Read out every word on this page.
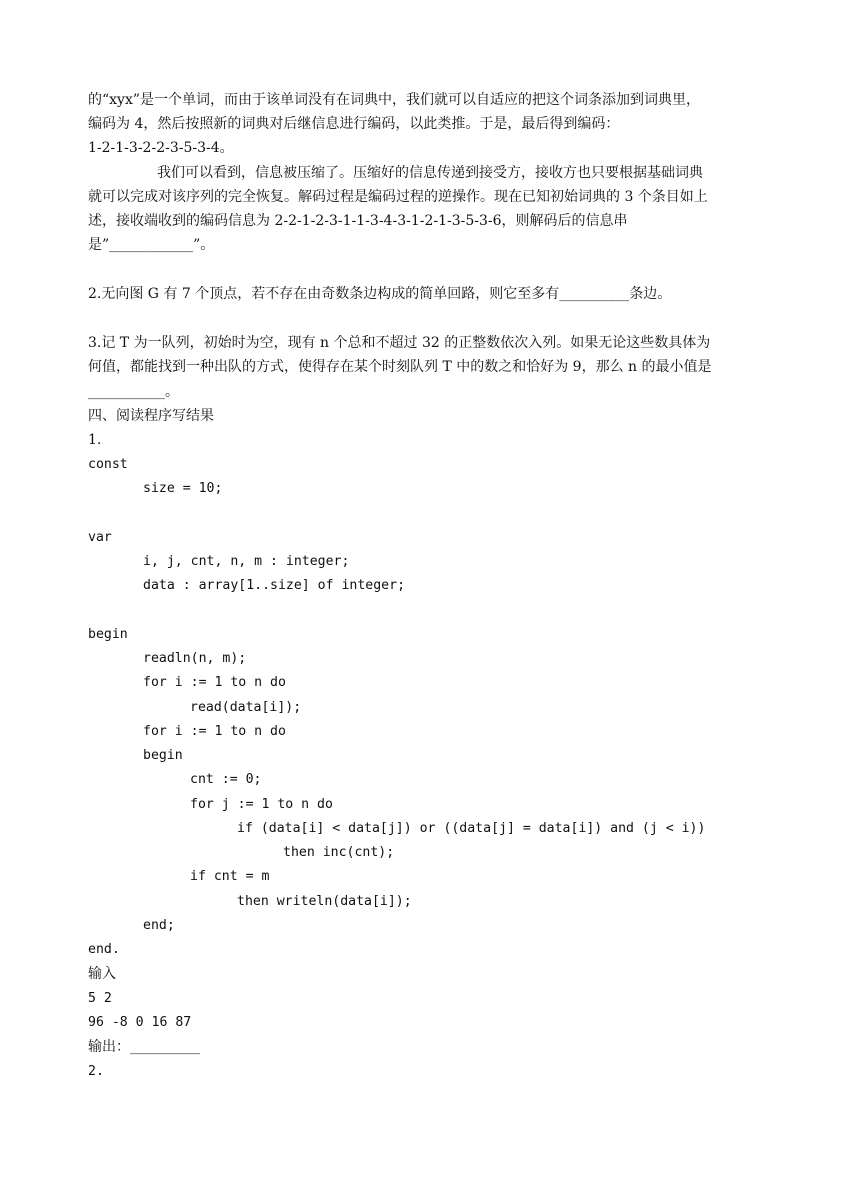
的“xyx”是一个单词，而由于该单词没有在词典中，我们就可以自适应的把这个词条添加到词典里，
编码为 4，然后按照新的词典对后继信息进行编码，以此类推。于是，最后得到编码：
1-2-1-3-2-2-3-5-3-4。
我们可以看到，信息被压缩了。压缩好的信息传递到接受方，接收方也只要根据基础词典
就可以完成对该序列的完全恢复。解码过程是编码过程的逆操作。现在已知初始词典的 3 个条目如上
述，接收端收到的编码信息为 2-2-1-2-3-1-1-3-4-3-1-2-1-3-5-3-6，则解码后的信息串
是”____________”。
2.无向图 G 有 7 个顶点，若不存在由奇数条边构成的简单回路，则它至多有__________条边。
3.记 T 为一队列，初始时为空，现有 n 个总和不超过 32 的正整数依次入列。如果无论这些数具体为
何值，都能找到一种出队的方式，使得存在某个时刻队列 T 中的数之和恰好为 9，那么 n 的最小值是
___________。
四、阅读程序写结果
1.
const
size = 10;
var
i, j, cnt, n, m : integer;
data : array[1..size] of integer;
begin
readln(n, m);
for i := 1 to n do
read(data[i]);
for i := 1 to n do
begin
cnt := 0;
for j := 1 to n do
if (data[i] < data[j]) or ((data[j] = data[i]) and (j < i))
then inc(cnt);
if cnt = m
then writeln(data[i]);
end;
end.
输入
5 2
96 -8 0 16 87
输出：__________
2.
